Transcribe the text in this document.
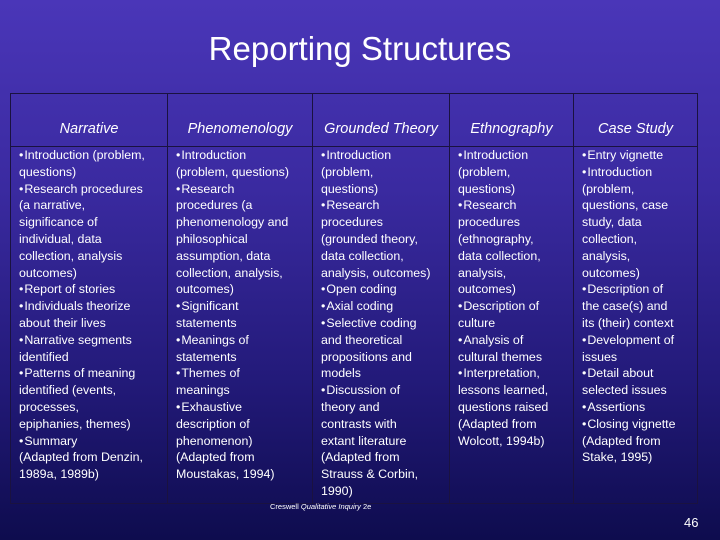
Reporting Structures
Narrative
• Introduction (problem,
questions)
• Research procedures
(a narrative,
significance of
individual, data
collection, analysis
outcomes)
• Report of stories
• Individuals theorize
about their lives
• Narrative segments
identified
• Patterns of meaning
identified (events,
processes,
epiphanies, themes)
• Summary
(Adapted from Denzin,
1989a, 1989b)
Phenomenology
• Introduction
(problem, questions)
• Research
procedures (a
phenomenology and
philosophical
assumption, data
collection, analysis,
outcomes)
• Significant
statements
• Meanings of
statements
• Themes of
meanings
• Exhaustive
description of
phenomenon)
(Adapted from
Moustakas, 1994)
Grounded Theory
• Introduction
(problem,
questions)
• Research
procedures
(grounded theory,
data collection,
analysis, outcomes)
• Open coding
• Axial coding
• Selective coding
and theoretical
propositions and
models
• Discussion of
theory and
contrasts with
extant literature
(Adapted from
Strauss & Corbin,
1990)
Ethnography
• Introduction
(problem,
questions)
• Research
procedures
(ethnography,
data collection,
analysis,
outcomes)
• Description of
culture
• Analysis of
cultural themes
• Interpretation,
lessons learned,
questions raised
(Adapted from
Wolcott, 1994b)
Case Study
• Entry vignette
• Introduction
(problem,
questions, case
study, data
collection,
analysis,
outcomes)
• Description of
the case(s) and
its (their) context
• Development of
issues
• Detail about
selected issues
• Assertions
• Closing vignette
(Adapted from
Stake, 1995)
Creswell Qualitative Inquiry 2e
46
